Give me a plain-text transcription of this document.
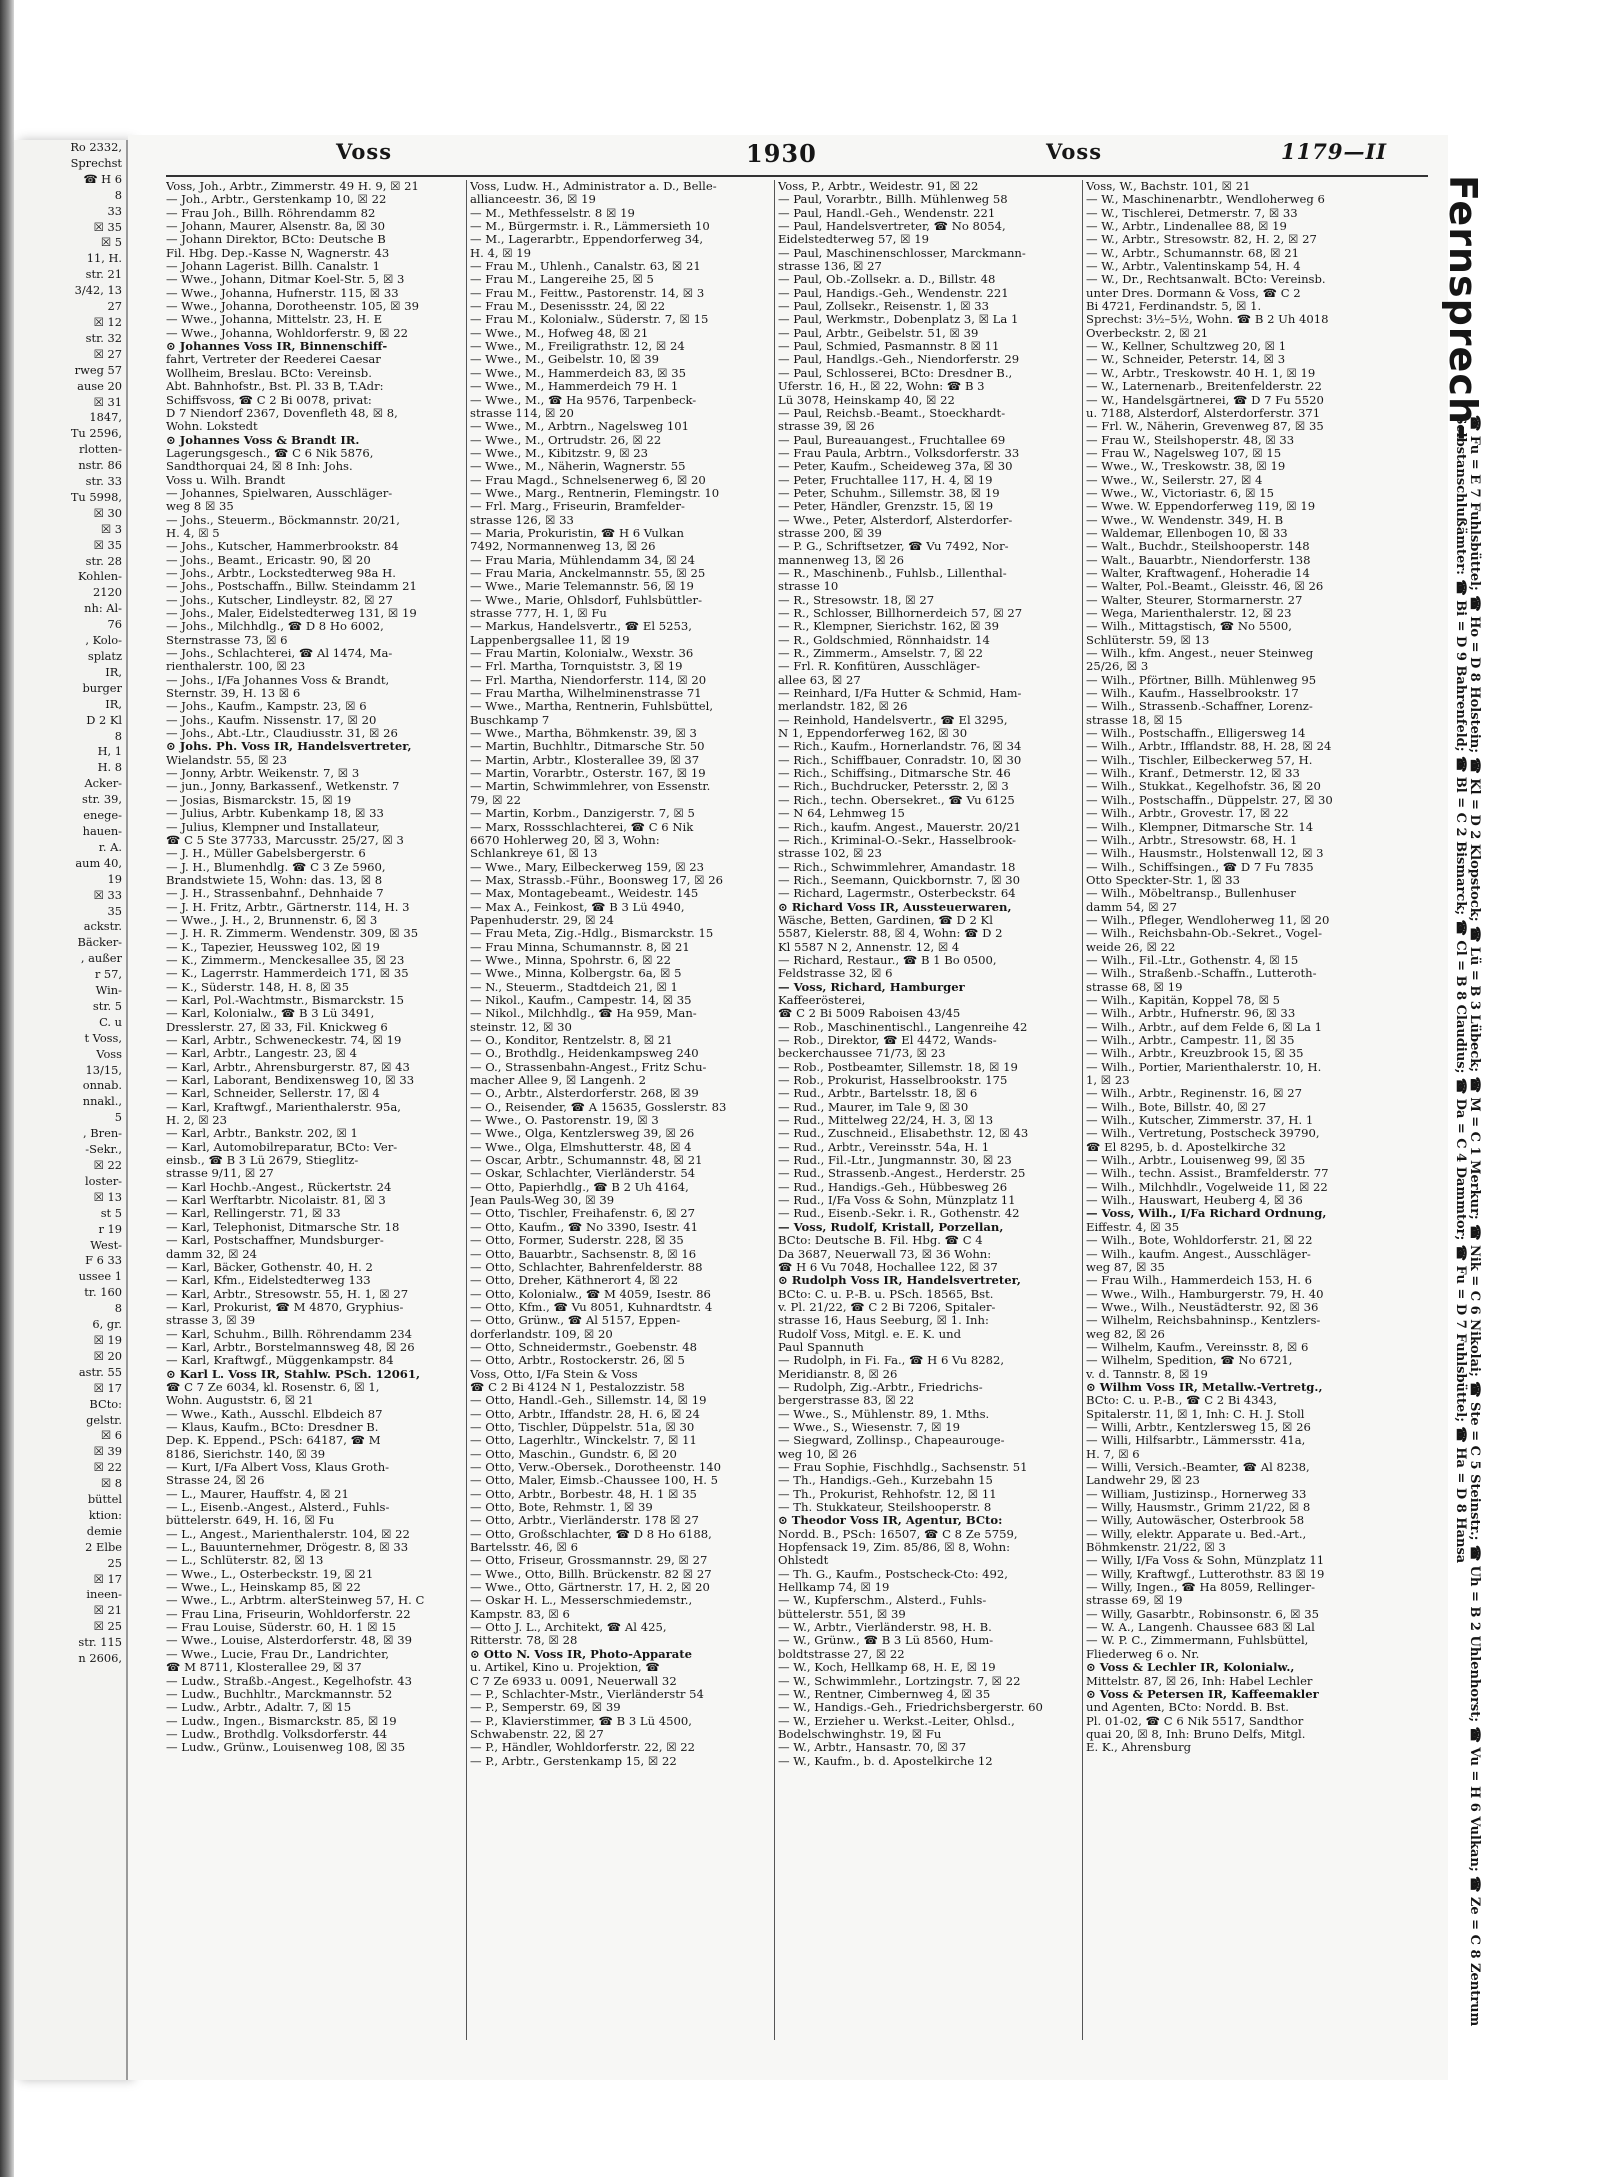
Ro 2332,
Sprechst
☎ H 6
8
33
☒ 35
☒ 5
11, H.
str. 21
3/42, 13
27
☒ 12
str. 32
☒ 27
rweg 57
ause 20
☒ 31
1847,
Tu 2596,
rlotten-
nstr. 86
str. 33
Tu 5998,
☒ 30
☒ 3
☒ 35
str. 28
Kohlen-
2120
nh: Al-
76
, Kolo-
splatz
IR,
burger
IR,
D 2 Kl
8
H, 1
H. 8
Acker-
str. 39,
enege-
hauen-
r. A.
aum 40,
19
☒ 33
35
ackstr.
Bäcker-
, außer
r 57,
Win-
str. 5
C. u
t Voss,
Voss
13/15,
onnab.
nnakl.,
5
, Bren-
-Sekr.,
☒ 22
loster-
☒ 13
st 5
r 19
West-
F 6 33
ussee 1
tr. 160
8
6, gr.
☒ 19
☒ 20
astr. 55
☒ 17
BCto:
gelstr.
☒ 6
☒ 39
☒ 22
☒ 8
büttel
ktion:
demie
2 Elbe
25
☒ 17
ineen-
☒ 21
☒ 25
str. 115
n 2606,
Voss	1930	Voss	1179—II
Voss, Joh., Arbtr., Zimmerstr. 49 H. 9, ☒ 21
— Joh., Arbtr., Gerstenkamp 10, ☒ 22
— Frau Joh., Billh. Röhrendamm 82
— Johann, Maurer, Alsenstr. 8a, ☒ 30
— Johann Direktor, BCto: Deutsche B
Fil. Hbg. Dep.-Kasse N, Wagnerstr. 43
— Johann Lagerist. Billh. Canalstr. 1
— Wwe., Johann, Ditmar Koel-Str. 5, ☒ 3
— Wwe., Johanna, Hufnerstr. 115, ☒ 33
— Wwe., Johanna, Dorotheenstr. 105, ☒ 39
— Wwe., Johanna, Mittelstr. 23, H. E
— Wwe., Johanna, Wohldorferstr. 9, ☒ 22
⊙ Johannes Voss IR, Binnenschiff-
fahrt, Vertreter der Reederei Caesar
Wollheim, Breslau. BCto: Vereinsb.
Abt. Bahnhofstr., Bst. Pl. 33 B, T.Adr:
Schiffsvoss, ☎ C 2 Bi 0078, privat:
D 7 Niendorf 2367, Dovenfleth 48, ☒ 8,
Wohn. Lokstedt
⊙ Johannes Voss & Brandt IR.
Lagerungsgesch., ☎ C 6 Nik 5876,
Sandthorquai 24, ☒ 8 Inh: Johs.
Voss u. Wilh. Brandt
— Johannes, Spielwaren, Ausschläger-
weg 8 ☒ 35
— Johs., Steuerm., Böckmannstr. 20/21,
H. 4, ☒ 5
— Johs., Kutscher, Hammerbrookstr. 84
— Johs., Beamt., Ericastr. 90, ☒ 20
— Johs., Arbtr., Lockstedterweg 98a H.
— Johs., Postschaffn., Billw. Steindamm 21
— Johs., Kutscher, Lindleystr. 82, ☒ 27
— Johs., Maler, Eidelstedterweg 131, ☒ 19
— Johs., Milchhdlg., ☎ D 8 Ho 6002,
Sternstrasse 73, ☒ 6
— Johs., Schlachterei, ☎ Al 1474, Ma-
rienthalerstr. 100, ☒ 23
— Johs., I/Fa Johannes Voss & Brandt,
Sternstr. 39, H. 13 ☒ 6
— Johs., Kaufm., Kampstr. 23, ☒ 6
— Johs., Kaufm. Nissenstr. 17, ☒ 20
— Johs., Abt.-Ltr., Claudiusstr. 31, ☒ 26
⊙ Johs. Ph. Voss IR, Handelsvertreter,
Wielandstr. 55, ☒ 23
— Jonny, Arbtr. Weikenstr. 7, ☒ 3
— jun., Jonny, Barkassenf., Wetkenstr. 7
— Josias, Bismarckstr. 15, ☒ 19
— Julius, Arbtr. Kubenkamp 18, ☒ 33
— Julius, Klempner und Installateur,
☎ C 5 Ste 37733, Marcusstr. 25/27, ☒ 3
— J. H., Müller Gabelsbergerstr. 6
— J. H., Blumenhdlg. ☎ C 3 Ze 5960,
Brandstwiete 15, Wohn: das. 13, ☒ 8
— J. H., Strassenbahnf., Dehnhaide 7
— J. H. Fritz, Arbtr., Gärtnerstr. 114, H. 3
— Wwe., J. H., 2, Brunnenstr. 6, ☒ 3
— J. H. R. Zimmerm. Wendenstr. 309, ☒ 35
— K., Tapezier, Heussweg 102, ☒ 19
— K., Zimmerm., Menckesallee 35, ☒ 23
— K., Lagerrstr. Hammerdeich 171, ☒ 35
— K., Süderstr. 148, H. 8, ☒ 35
— Karl, Pol.-Wachtmstr., Bismarckstr. 15
— Karl, Kolonialw., ☎ B 3 Lü 3491,
Dresslerstr. 27, ☒ 33, Fil. Knickweg 6
— Karl, Arbtr., Schweneckestr. 74, ☒ 19
— Karl, Arbtr., Langestr. 23, ☒ 4
— Karl, Arbtr., Ahrensburgerstr. 87, ☒ 43
— Karl, Laborant, Bendixensweg 10, ☒ 33
— Karl, Schneider, Sellerstr. 17, ☒ 4
— Karl, Kraftwgf., Marienthalerstr. 95a,
H. 2, ☒ 23
— Karl, Arbtr., Bankstr. 202, ☒ 1
— Karl, Automobilreparatur, BCto: Ver-
einsb., ☎ B 3 Lü 2679, Stieglitz-
strasse 9/11, ☒ 27
— Karl Hochb.-Angest., Rückertstr. 24
— Karl Werftarbtr. Nicolaistr. 81, ☒ 3
— Karl, Rellingerstr. 71, ☒ 33
— Karl, Telephonist, Ditmarsche Str. 18
— Karl, Postschaffner, Mundsburger-
damm 32, ☒ 24
— Karl, Bäcker, Gothenstr. 40, H. 2
— Karl, Kfm., Eidelstedterweg 133
— Karl, Arbtr., Stresowstr. 55, H. 1, ☒ 27
— Karl, Prokurist, ☎ M 4870, Gryphius-
strasse 3, ☒ 39
— Karl, Schuhm., Billh. Röhrendamm 234
— Karl, Arbtr., Borstelmannsweg 48, ☒ 26
— Karl, Kraftwgf., Müggenkampstr. 84
⊙ Karl L. Voss IR, Stahlw. PSch. 12061,
☎ C 7 Ze 6034, kl. Rosenstr. 6, ☒ 1,
Wohn. Auguststr. 6, ☒ 21
— Wwe., Kath., Ausschl. Elbdeich 87
— Klaus, Kaufm., BCto: Dresdner B.
Dep. K. Eppend., PSch: 64187, ☎ M
8186, Sierichstr. 140, ☒ 39
— Kurt, I/Fa Albert Voss, Klaus Groth-
Strasse 24, ☒ 26
— L., Maurer, Hauffstr. 4, ☒ 21
— L., Eisenb.-Angest., Alsterd., Fuhls-
büttelerstr. 649, H. 16, ☒ Fu
— L., Angest., Marienthalerstr. 104, ☒ 22
— L., Bauunternehmer, Drögestr. 8, ☒ 33
— L., Schlüterstr. 82, ☒ 13
— Wwe., L., Osterbeckstr. 19, ☒ 21
— Wwe., L., Heinskamp 85, ☒ 22
— Wwe., L., Arbtrm. alterSteinweg 57, H. C
— Frau Lina, Friseurin, Wohldorferstr. 22
— Frau Louise, Süderstr. 60, H. 1 ☒ 15
— Wwe., Louise, Alsterdorferstr. 48, ☒ 39
— Wwe., Lucie, Frau Dr., Landrichter,
☎ M 8711, Klosterallee 29, ☒ 37
— Ludw., Straßb.-Angest., Kegelhofstr. 43
— Ludw., Buchhltr., Marckmannstr. 52
— Ludw., Arbtr., Adaltr. 7, ☒ 15
— Ludw., Ingen., Bismarckstr. 85, ☒ 19
— Ludw., Brothdlg. Volksdorferstr. 44
— Ludw., Grünw., Louisenweg 108, ☒ 35
Voss, Ludw. H., Administrator a. D., Belle-
allianceestr. 36, ☒ 19
— M., Methfesselstr. 8 ☒ 19
— M., Bürgermstr. i. R., Lämmersieth 10
— M., Lagerarbtr., Eppendorferweg 34,
H. 4, ☒ 19
— Frau M., Uhlenh., Canalstr. 63, ☒ 21
— Frau M., Langereihe 25, ☒ 5
— Frau M., Feittw., Pastorenstr. 14, ☒ 3
— Frau M., Desenissstr. 24, ☒ 22
— Frau M., Kolonialw., Süderstr. 7, ☒ 15
— Wwe., M., Hofweg 48, ☒ 21
— Wwe., M., Freiligrathstr. 12, ☒ 24
— Wwe., M., Geibelstr. 10, ☒ 39
— Wwe., M., Hammerdeich 83, ☒ 35
— Wwe., M., Hammerdeich 79 H. 1
— Wwe., M., ☎ Ha 9576, Tarpenbeck-
strasse 114, ☒ 20
— Wwe., M., Arbtrn., Nagelsweg 101
— Wwe., M., Ortrudstr. 26, ☒ 22
— Wwe., M., Kibitzstr. 9, ☒ 23
— Wwe., M., Näherin, Wagnerstr. 55
— Frau Magd., Schnelsenerweg 6, ☒ 20
— Wwe., Marg., Rentnerin, Flemingstr. 10
— Frl. Marg., Friseurin, Bramfelder-
strasse 126, ☒ 33
— Maria, Prokuristin, ☎ H 6 Vulkan
7492, Normannenweg 13, ☒ 26
— Frau Maria, Mühlendamm 34, ☒ 24
— Frau Maria, Anckelmannstr. 55, ☒ 25
— Wwe., Marie Telemannstr. 56, ☒ 19
— Wwe., Marie, Ohlsdorf, Fuhlsbüttler-
strasse 777, H. 1, ☒ Fu
— Markus, Handelsvertr., ☎ El 5253,
Lappenbergsallee 11, ☒ 19
— Frau Martin, Kolonialw., Wexstr. 36
— Frl. Martha, Tornquiststr. 3, ☒ 19
— Frl. Martha, Niendorferstr. 114, ☒ 20
— Frau Martha, Wilhelminenstrasse 71
— Wwe., Martha, Rentnerin, Fuhlsbüttel,
Buschkamp 7
— Wwe., Martha, Böhmkenstr. 39, ☒ 3
— Martin, Buchhltr., Ditmarsche Str. 50
— Martin, Arbtr., Klosterallee 39, ☒ 37
— Martin, Vorarbtr., Osterstr. 167, ☒ 19
— Martin, Schwimmlehrer, von Essenstr.
79, ☒ 22
— Martin, Korbm., Danzigerstr. 7, ☒ 5
— Marx, Rossschlachterei, ☎ C 6 Nik
6670 Hohlerweg 20, ☒ 3, Wohn:
Schlankreye 61, ☒ 13
— Wwe., Mary, Eilbeckerweg 159, ☒ 23
— Max, Strassb.-Führ., Boonsweg 17, ☒ 26
— Max, Montagebeamt., Weidestr. 145
— Max A., Feinkost, ☎ B 3 Lü 4940,
Papenhuderstr. 29, ☒ 24
— Frau Meta, Zig.-Hdlg., Bismarckstr. 15
— Frau Minna, Schumannstr. 8, ☒ 21
— Wwe., Minna, Spohrstr. 6, ☒ 22
— Wwe., Minna, Kolbergstr. 6a, ☒ 5
— N., Steuerm., Stadtdeich 21, ☒ 1
— Nikol., Kaufm., Campestr. 14, ☒ 35
— Nikol., Milchhdlg., ☎ Ha 959, Man-
steinstr. 12, ☒ 30
— O., Konditor, Rentzelstr. 8, ☒ 21
— O., Brothdlg., Heidenkampsweg 240
— O., Strassenbahn-Angest., Fritz Schu-
macher Allee 9, ☒ Langenh. 2
— O., Arbtr., Alsterdorferstr. 268, ☒ 39
— O., Reisender, ☎ A 15635, Gosslerstr. 83
— Wwe., O. Pastorenstr. 19, ☒ 3
— Wwe., Olga, Kentzlersweg 39, ☒ 26
— Wwe., Olga, Elmshutterstr. 48, ☒ 4
— Oscar, Arbtr., Schumannstr. 48, ☒ 21
— Oskar, Schlachter, Vierländerstr. 54
— Otto, Papierhdlg., ☎ B 2 Uh 4164,
Jean Pauls-Weg 30, ☒ 39
— Otto, Tischler, Freihafenstr. 6, ☒ 27
— Otto, Kaufm., ☎ No 3390, Isestr. 41
— Otto, Former, Suderstr. 228, ☒ 35
— Otto, Bauarbtr., Sachsenstr. 8, ☒ 16
— Otto, Schlachter, Bahrenfelderstr. 88
— Otto, Dreher, Käthnerort 4, ☒ 22
— Otto, Kolonialw., ☎ M 4059, Isestr. 86
— Otto, Kfm., ☎ Vu 8051, Kuhnardtstr. 4
— Otto, Grünw., ☎ Al 5157, Eppen-
dorferlandstr. 109, ☒ 20
— Otto, Schneidermstr., Goebenstr. 48
— Otto, Arbtr., Rostockerstr. 26, ☒ 5
Voss, Otto, I/Fa Stein & Voss
☎ C 2 Bi 4124 N 1, Pestalozzistr. 58
— Otto, Handl.-Geh., Sillemstr. 14, ☒ 19
— Otto, Arbtr., Iffandstr. 28, H. 6, ☒ 24
— Otto, Tischler, Düppelstr. 51a, ☒ 30
— Otto, Lagerhltr., Winckelstr. 7, ☒ 11
— Otto, Maschin., Gundstr. 6, ☒ 20
— Otto, Verw.-Obersek., Dorotheenstr. 140
— Otto, Maler, Eimsb.-Chaussee 100, H. 5
— Otto, Arbtr., Borbestr. 48, H. 1 ☒ 35
— Otto, Bote, Rehmstr. 1, ☒ 39
— Otto, Arbtr., Vierländerstr. 178 ☒ 27
— Otto, Großschlachter, ☎ D 8 Ho 6188,
Bartelsstr. 46, ☒ 6
— Otto, Friseur, Grossmannstr. 29, ☒ 27
— Wwe., Otto, Billh. Brückenstr. 82 ☒ 27
— Wwe., Otto, Gärtnerstr. 17, H. 2, ☒ 20
— Oskar H. L., Messerschmiedemstr.,
Kampstr. 83, ☒ 6
— Otto J. L., Architekt, ☎ Al 425,
Ritterstr. 78, ☒ 28
⊙ Otto N. Voss IR, Photo-Apparate
u. Artikel, Kino u. Projektion, ☎
C 7 Ze 6933 u. 0091, Neuerwall 32
— P., Schlachter-Mstr., Vierländerstr 54
— P., Semperstr. 69, ☒ 39
— P., Klavierstimmer, ☎ B 3 Lü 4500,
Schwabenstr. 22, ☒ 27
— P., Händler, Wohldorferstr. 22, ☒ 22
— P., Arbtr., Gerstenkamp 15, ☒ 22
Voss, P., Arbtr., Weidestr. 91, ☒ 22
— Paul, Vorarbtr., Billh. Mühlenweg 58
— Paul, Handl.-Geh., Wendenstr. 221
— Paul, Handelsvertreter, ☎ No 8054,
Eidelstedterweg 57, ☒ 19
— Paul, Maschinenschlosser, Marckmann-
strasse 136, ☒ 27
— Paul, Ob.-Zollsekr. a. D., Billstr. 48
— Paul, Handigs.-Geh., Wendenstr. 221
— Paul, Zollsekr., Reisenstr. 1, ☒ 33
— Paul, Werkmstr., Dobenplatz 3, ☒ La 1
— Paul, Arbtr., Geibelstr. 51, ☒ 39
— Paul, Schmied, Pasmannstr. 8 ☒ 11
— Paul, Handlgs.-Geh., Niendorferstr. 29
— Paul, Schlosserei, BCto: Dresdner B.,
Uferstr. 16, H., ☒ 22, Wohn: ☎ B 3
Lü 3078, Heinskamp 40, ☒ 22
— Paul, Reichsb.-Beamt., Stoeckhardt-
strasse 39, ☒ 26
— Paul, Bureauangest., Fruchtallee 69
— Frau Paula, Arbtrn., Volksdorferstr. 33
— Peter, Kaufm., Scheideweg 37a, ☒ 30
— Peter, Fruchtallee 117, H. 4, ☒ 19
— Peter, Schuhm., Sillemstr. 38, ☒ 19
— Peter, Händler, Grenzstr. 15, ☒ 19
— Wwe., Peter, Alsterdorf, Alsterdorfer-
strasse 200, ☒ 39
— P. G., Schriftsetzer, ☎ Vu 7492, Nor-
mannenweg 13, ☒ 26
— R., Maschinenb., Fuhlsb., Lillenthal-
strasse 10
— R., Stresowstr. 18, ☒ 27
— R., Schlosser, Billhornerdeich 57, ☒ 27
— R., Klempner, Sierichstr. 162, ☒ 39
— R., Goldschmied, Rönnhaidstr. 14
— R., Zimmerm., Amselstr. 7, ☒ 22
— Frl. R. Konfitüren, Ausschläger-
allee 63, ☒ 27
— Reinhard, I/Fa Hutter & Schmid, Ham-
merlandstr. 182, ☒ 26
— Reinhold, Handelsvertr., ☎ El 3295,
N 1, Eppendorferweg 162, ☒ 30
— Rich., Kaufm., Hornerlandstr. 76, ☒ 34
— Rich., Schiffbauer, Conradstr. 10, ☒ 30
— Rich., Schiffsing., Ditmarsche Str. 46
— Rich., Buchdrucker, Petersstr. 2, ☒ 3
— Rich., techn. Obersekret., ☎ Vu 6125
— N 64, Lehmweg 15
— Rich., kaufm. Angest., Mauerstr. 20/21
— Rich., Kriminal-O.-Sekr., Hasselbrook-
strasse 102, ☒ 23
— Rich., Schwimmlehrer, Amandastr. 18
— Rich., Seemann, Quickbornstr. 7, ☒ 30
— Richard, Lagermstr., Osterbeckstr. 64
⊙ Richard Voss IR, Aussteuerwaren,
Wäsche, Betten, Gardinen, ☎ D 2 Kl
5587, Kielerstr. 88, ☒ 4, Wohn: ☎ D 2
Kl 5587 N 2, Annenstr. 12, ☒ 4
— Richard, Restaur., ☎ B 1 Bo 0500,
Feldstrasse 32, ☒ 6
— Voss, Richard, Hamburger
Kaffeerösterei,
☎ C 2 Bi 5009 Raboisen 43/45
— Rob., Maschinentischl., Langenreihe 42
— Rob., Direktor, ☎ El 4472, Wands-
beckerchaussee 71/73, ☒ 23
— Rob., Postbeamter, Sillemstr. 18, ☒ 19
— Rob., Prokurist, Hasselbrookstr. 175
— Rud., Arbtr., Bartelsstr. 18, ☒ 6
— Rud., Maurer, im Tale 9, ☒ 30
— Rud., Mittelweg 22/24, H. 3, ☒ 13
— Rud., Zuschneid., Elisabethstr. 12, ☒ 43
— Rud., Arbtr., Vereinsstr. 54a, H. 1
— Rud., Fil.-Ltr., Jungmannstr. 30, ☒ 23
— Rud., Strassenb.-Angest., Herderstr. 25
— Rud., Handigs.-Geh., Hübbesweg 26
— Rud., I/Fa Voss & Sohn, Münzplatz 11
— Rud., Eisenb.-Sekr. i. R., Gothenstr. 42
— Voss, Rudolf, Kristall, Porzellan,
BCto: Deutsche B. Fil. Hbg. ☎ C 4
Da 3687, Neuerwall 73, ☒ 36 Wohn:
☎ H 6 Vu 7048, Hochallee 122, ☒ 37
⊙ Rudolph Voss IR, Handelsvertreter,
BCto: C. u. P.-B. u. PSch. 18565, Bst.
v. Pl. 21/22, ☎ C 2 Bi 7206, Spitaler-
strasse 16, Haus Seeburg, ☒ 1. Inh:
Rudolf Voss, Mitgl. e. E. K. und
Paul Spannuth
— Rudolph, in Fi. Fa., ☎ H 6 Vu 8282,
Meridianstr. 8, ☒ 26
— Rudolph, Zig.-Arbtr., Friedrichs-
bergerstrasse 83, ☒ 22
— Wwe., S., Mühlenstr. 89, 1. Mths.
— Wwe., S., Wiesenstr. 7, ☒ 19
— Siegward, Zollinsp., Chapeaurouge-
weg 10, ☒ 26
— Frau Sophie, Fischhdlg., Sachsenstr. 51
— Th., Handigs.-Geh., Kurzebahn 15
— Th., Prokurist, Rehhofstr. 12, ☒ 11
— Th. Stukkateur, Steilshooperstr. 8
⊙ Theodor Voss IR, Agentur, BCto:
Nordd. B., PSch: 16507, ☎ C 8 Ze 5759,
Hopfensack 19, Zim. 85/86, ☒ 8, Wohn:
Ohlstedt
— Th. G., Kaufm., Postscheck-Cto: 492,
Hellkamp 74, ☒ 19
— W., Kupferschm., Alsterd., Fuhls-
büttelerstr. 551, ☒ 39
— W., Arbtr., Vierländerstr. 98, H. B.
— W., Grünw., ☎ B 3 Lü 8560, Hum-
boldtstrasse 27, ☒ 22
— W., Koch, Hellkamp 68, H. E, ☒ 19
— W., Schwimmlehr., Lortzingstr. 7, ☒ 22
— W., Rentner, Cimbernweg 4, ☒ 35
— W., Handigs.-Geh., Friedrichsbergerstr. 60
— W., Erzieher u. Werkst.-Leiter, Ohlsd.,
Bodelschwinghstr. 19, ☒ Fu
— W., Arbtr., Hansastr. 70, ☒ 37
— W., Kaufm., b. d. Apostelkirche 12
Voss, W., Bachstr. 101, ☒ 21
— W., Maschinenarbtr., Wendloherweg 6
— W., Tischlerei, Detmerstr. 7, ☒ 33
— W., Arbtr., Lindenallee 88, ☒ 19
— W., Arbtr., Stresowstr. 82, H. 2, ☒ 27
— W., Arbtr., Schumannstr. 68, ☒ 21
— W., Arbtr., Valentinskamp 54, H. 4
— W., Dr., Rechtsanwalt. BCto: Vereinsb.
unter Dres. Dormann & Voss, ☎ C 2
Bi 4721, Ferdinandstr. 5, ☒ 1.
Sprechst: 3½–5½, Wohn. ☎ B 2 Uh 4018
Overbeckstr. 2, ☒ 21
— W., Kellner, Schultzweg 20, ☒ 1
— W., Schneider, Peterstr. 14, ☒ 3
— W., Arbtr., Treskowstr. 40 H. 1, ☒ 19
— W., Laternenarb., Breitenfelderstr. 22
— W., Handelsgärtnerei, ☎ D 7 Fu 5520
u. 7188, Alsterdorf, Alsterdorferstr. 371
— Frl. W., Näherin, Grevenweg 87, ☒ 35
— Frau W., Steilshoperstr. 48, ☒ 33
— Frau W., Nagelsweg 107, ☒ 15
— Wwe., W., Treskowstr. 38, ☒ 19
— Wwe., W., Seilerstr. 27, ☒ 4
— Wwe., W., Victoriastr. 6, ☒ 15
— Wwe. W. Eppendorferweg 119, ☒ 19
— Wwe., W. Wendenstr. 349, H. B
— Waldemar, Ellenbogen 10, ☒ 33
— Walt., Buchdr., Steilshooperstr. 148
— Walt., Bauarbtr., Niendorferstr. 138
— Walter, Kraftwagenf., Hoheradie 14
— Walter, Pol.-Beamt., Gleisstr. 46, ☒ 26
— Walter, Steurer, Stormarnerstr. 27
— Wega, Marienthalerstr. 12, ☒ 23
— Wilh., Mittagstisch, ☎ No 5500,
Schlüterstr. 59, ☒ 13
— Wilh., kfm. Angest., neuer Steinweg
25/26, ☒ 3
— Wilh., Pförtner, Billh. Mühlenweg 95
— Wilh., Kaufm., Hasselbrookstr. 17
— Wilh., Strassenb.-Schaffner, Lorenz-
strasse 18, ☒ 15
— Wilh., Postschaffn., Elligersweg 14
— Wilh., Arbtr., Ifflandstr. 88, H. 28, ☒ 24
— Wilh., Tischler, Eilbeckerweg 57, H.
— Wilh., Kranf., Detmerstr. 12, ☒ 33
— Wilh., Stukkat., Kegelhofstr. 36, ☒ 20
— Wilh., Postschaffn., Düppelstr. 27, ☒ 30
— Wilh., Arbtr., Grovestr. 17, ☒ 22
— Wilh., Klempner, Ditmarsche Str. 14
— Wilh., Arbtr., Stresowstr. 68, H. 1
— Wilh., Hausmstr., Holstenwall 12, ☒ 3
— Wilh., Schiffsingen., ☎ D 7 Fu 7835
Otto Speckter-Str. 1, ☒ 33
— Wilh., Möbeltransp., Bullenhuser
damm 54, ☒ 27
— Wilh., Pfleger, Wendloherweg 11, ☒ 20
— Wilh., Reichsbahn-Ob.-Sekret., Vogel-
weide 26, ☒ 22
— Wilh., Fil.-Ltr., Gothenstr. 4, ☒ 15
— Wilh., Straßenb.-Schaffn., Lutteroth-
strasse 68, ☒ 19
— Wilh., Kapitän, Koppel 78, ☒ 5
— Wilh., Arbtr., Hufnerstr. 96, ☒ 33
— Wilh., Arbtr., auf dem Felde 6, ☒ La 1
— Wilh., Arbtr., Campestr. 11, ☒ 35
— Wilh., Arbtr., Kreuzbrook 15, ☒ 35
— Wilh., Portier, Marienthalerstr. 10, H.
1, ☒ 23
— Wilh., Arbtr., Reginenstr. 16, ☒ 27
— Wilh., Bote, Billstr. 40, ☒ 27
— Wilh., Kutscher, Zimmerstr. 37, H. 1
— Wilh., Vertretung, Postscheck 39790,
☎ El 8295, b. d. Apostelkirche 32
— Wilh., Arbtr., Louisenweg 99, ☒ 35
— Wilh., techn. Assist., Bramfelderstr. 77
— Wilh., Milchhdlr., Vogelweide 11, ☒ 22
— Wilh., Hauswart, Heuberg 4, ☒ 36
— Voss, Wilh., I/Fa Richard Ordnung,
Eiffestr. 4, ☒ 35
— Wilh., Bote, Wohldorferstr. 21, ☒ 22
— Wilh., kaufm. Angest., Ausschläger-
weg 87, ☒ 35
— Frau Wilh., Hammerdeich 153, H. 6
— Wwe., Wilh., Hamburgerstr. 79, H. 40
— Wwe., Wilh., Neustädterstr. 92, ☒ 36
— Wilhelm, Reichsbahninsp., Kentzlers-
weg 82, ☒ 26
— Wilhelm, Kaufm., Vereinsstr. 8, ☒ 6
— Wilhelm, Spedition, ☎ No 6721,
v. d. Tannstr. 8, ☒ 19
⊙ Wilhm Voss IR, Metallw.-Vertretg.,
BCto: C. u. P.-B., ☎ C 2 Bi 4343,
Spitalerstr. 11, ☒ 1, Inh: C. H. J. Stoll
— Willi, Arbtr., Kentzlersweg 15, ☒ 26
— Willi, Hilfsarbtr., Lämmersstr. 41a,
H. 7, ☒ 6
— Willi, Versich.-Beamter, ☎ Al 8238,
Landwehr 29, ☒ 23
— William, Justizinsp., Hornerweg 33
— Willy, Hausmstr., Grimm 21/22, ☒ 8
— Willy, Autowäscher, Osterbrook 58
— Willy, elektr. Apparate u. Bed.-Art.,
Böhmkenstr. 21/22, ☒ 3
— Willy, I/Fa Voss & Sohn, Münzplatz 11
— Willy, Kraftwgf., Lutterothstr. 83 ☒ 19
— Willy, Ingen., ☎ Ha 8059, Rellinger-
strasse 69, ☒ 19
— Willy, Gasarbtr., Robinsonstr. 6, ☒ 35
— W. A., Langenh. Chaussee 683 ☒ Lal
— W. P. C., Zimmermann, Fuhlsbüttel,
Fliederweg 6 o. Nr.
⊙ Voss & Lechler IR, Kolonialw.,
Mittelstr. 87, ☒ 26, Inh: Habel Lechler
⊙ Voss & Petersen IR, Kaffeemakler
und Agenten, BCto: Nordd. B. Bst.
Pl. 01-02, ☎ C 6 Nik 5517, Sandthor
quai 20, ☒ 8, Inh: Bruno Delfs, Mitgl.
E. K., Ahrensburg
Fernsprech-
Selbstanschlußämter: ☎ Bi = D 9 Bahrenfeld; ☎ Bl = C 2 Bismarck; ☎ Cl = B 8 Claudius; ☎ Da = C 4 Dammtor; ☎ Fu = D 7 Fuhlsbüttel; ☎ Ha = D 8 Hansa ☎ Fu = E 7 Fuhlsbüttel; ☎ Ho = D 8 Holstein; ☎ Kl = D 2 Klopstock; ☎ Lü = B 3 Lübeck; ☎ M = C 1 Merkur; ☎ Nik = C 6 Nikolai; ☎ Ste = C 5 Steinstr.; ☎ Uh = B 2 Uhlenhorst; ☎ Vu = H 6 Vulkan; ☎ Ze = C 8 Zentrum
